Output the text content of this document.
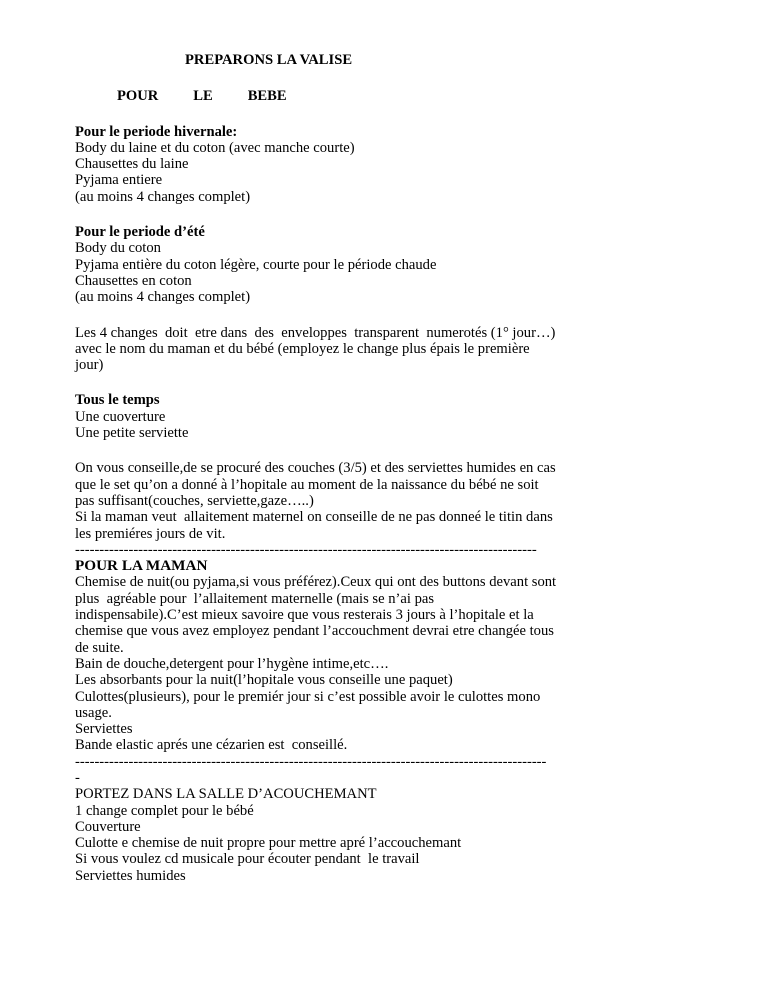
PREPARONS LA VALISE
POUR   LE   BEBE
Pour le periode hivernale:
Body du laine et du coton (avec manche courte)
Chausettes du laine
Pyjama entiere
(au moins 4 changes complet)
Pour le periode d’été
Body du coton
Pyjama entière du coton légère, courte pour le période chaude
Chausettes en coton
(au moins 4 changes complet)
Les 4 changes  doit  etre dans  des  enveloppes  transparent  numerotés (1° jour…)
avec le nom du maman et du bébé (employez le change plus épais le première
jour)
Tous le temps
Une cuoverture
Une petite serviette
On vous conseille,de se procuré des couches (3/5) et des serviettes humides en cas
que le set qu’on a donné à l’hopitale au moment de la naissance du bébé ne soit
pas suffisant(couches, serviette,gaze…..)
Si la maman veut  allaitement maternel on conseille de ne pas donneé le titin dans
les premiéres jours de vit.
-----------------------------------------------------------------------------------------------
POUR LA MAMAN
Chemise de nuit(ou pyjama,si vous préférez).Ceux qui ont des buttons devant sont
plus  agréable pour  l’allaitement maternelle (mais se n’ai pas
indispensabile).C’est mieux savoire que vous resterais 3 jours à l’hopitale et la
chemise que vous avez employez pendant l’accouchment devrai etre changée tous
de suite.
Bain de douche,detergent pour l’hygène intime,etc….
Les absorbants pour la nuit(l’hopitale vous conseille une paquet)
Culottes(plusieurs), pour le premiér jour si c’est possible avoir le culottes mono
usage.
Serviettes
Bande elastic aprés une cézarien est  conseillé.
-------------------------------------------------------------------------------------------------
-
PORTEZ DANS LA SALLE D’ACOUCHEMANT
1 change complet pour le bébé
Couverture
Culotte e chemise de nuit propre pour mettre apré l’accouchemant
Si vous voulez cd musicale pour écouter pendant  le travail
Serviettes humides
